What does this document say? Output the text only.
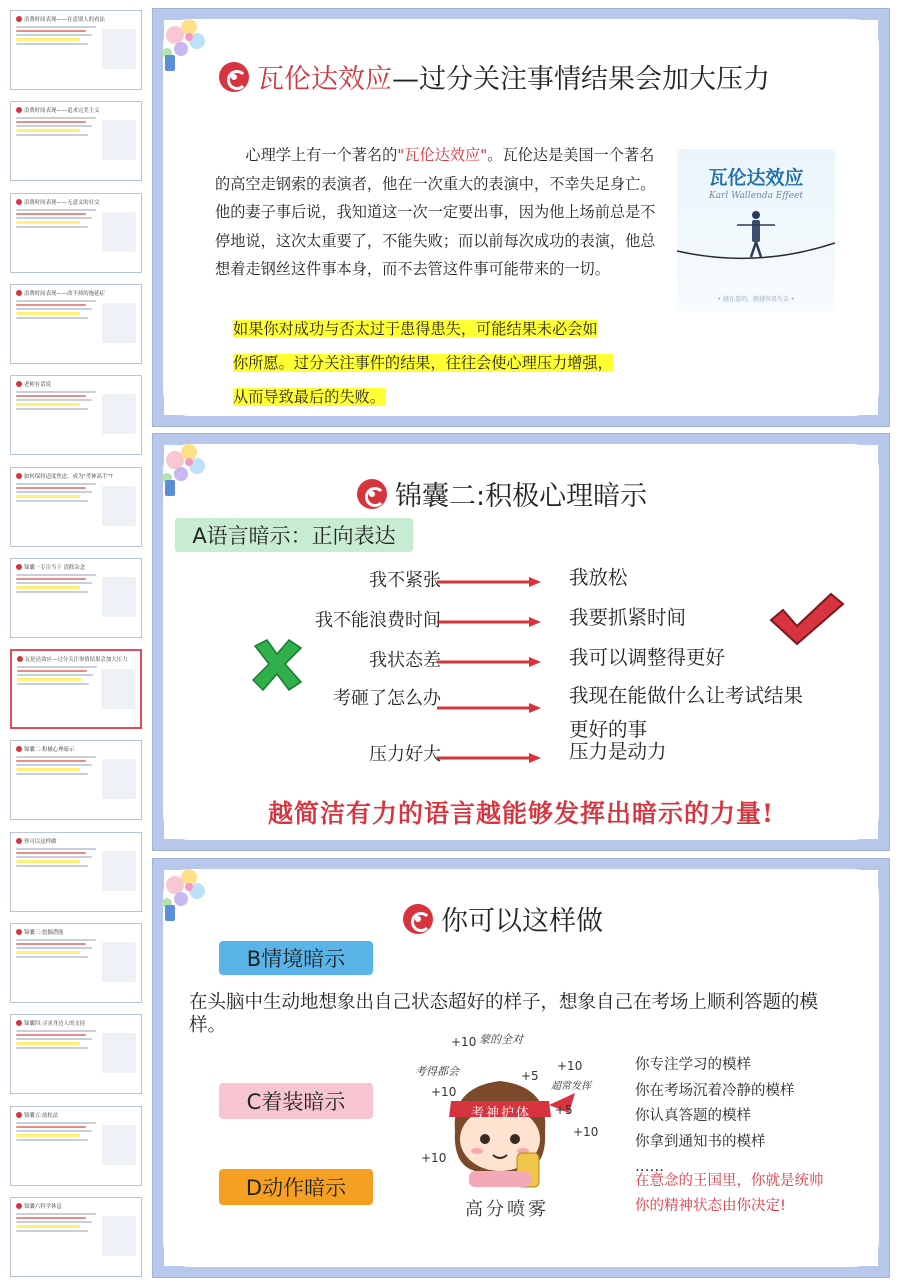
浪费时间表现——在意别人的看法
浪费时间表现——追求完美主义
浪费时间表现——无意义的社交
浪费时间表现——改不掉的拖延症
老师有话说
如何保持适度焦虑，成为"考神高手"?
锦囊一专注当下 清除杂念
瓦伦达效应—过分关注事情结果会加大压力
锦囊二:积极心理暗示
你可以这样做
锦囊三:挖掘潜能
锦囊四:寻求身边人的支持
锦囊五:放松法
锦囊六科学休息
瓦伦达效应—过分关注事情结果会加大压力
心理学上有一个著名的"瓦伦达效应"。瓦伦达是美国一个著名的高空走钢索的表演者，他在一次重大的表演中，不幸失足身亡。他的妻子事后说，我知道这一次一定要出事，因为他上场前总是不停地说，这次太重要了，不能失败；而以前每次成功的表演，他总想着走钢丝这件事本身，而不去管这件事可能带来的一切。
瓦伦达效应
Karl Wallenda Effeet
• 越在意的，就越容易失去 •
如果你对成功与否太过于患得患失，可能结果未必会如
你所愿。过分关注事件的结果，往往会使心理压力增强，
从而导致最后的失败。
锦囊二:积极心理暗示
A语言暗示：正向表达
越简洁有力的语言越能够发挥出暗示的力量!
我不紧张	我放松
我不能浪费时间	我要抓紧时间
我状态差	我可以调整得更好
考砸了怎么办	我现在能做什么让考试结果
更好的事
压力好大	压力是动力
你可以这样做
B情境暗示
在头脑中生动地想象出自己状态超好的样子，想象自己在考场上顺利答题的模样。
C着装暗示
D动作暗示
+10 蒙的全对
考得都会
+10
+5
+10
超常发挥
+5
+10
+10
考神护体
高分喷雾
你专注学习的模样
你在考场沉着冷静的模样
你认真答题的模样
你拿到通知书的模样
……
在意念的王国里，你就是统帅
你的精神状态由你决定!
